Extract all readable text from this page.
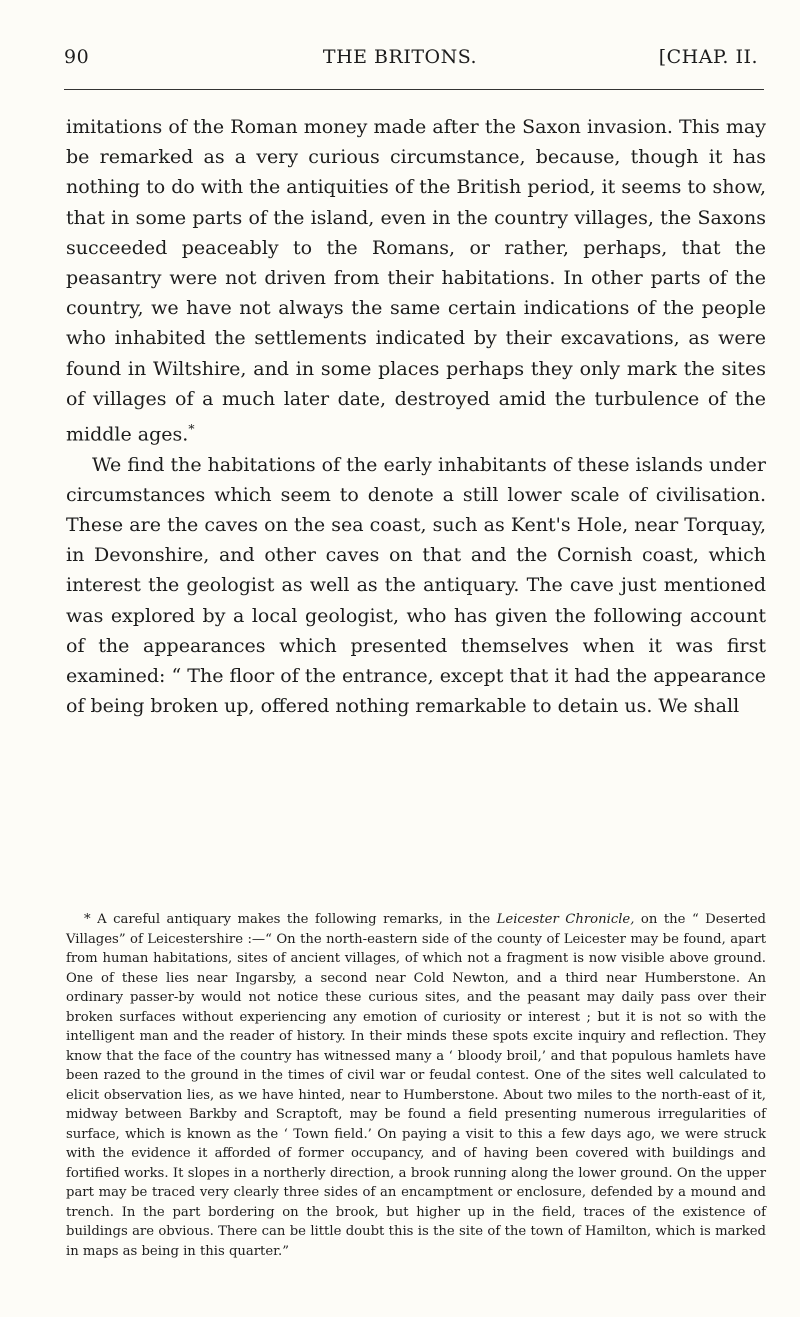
90	THE BRITONS.	[CHAP. II.

imitations of the Roman money made after the Saxon invasion. This may be remarked as a very curious circumstance, because, though it has nothing to do with the antiquities of the British period, it seems to show, that in some parts of the island, even in the country villages, the Saxons succeeded peaceably to the Romans, or rather, perhaps, that the peasantry were not driven from their habitations. In other parts of the country, we have not always the same certain indications of the people who inhabited the settlements indicated by their excavations, as were found in Wiltshire, and in some places perhaps they only mark the sites of villages of a much later date, destroyed amid the turbulence of the middle ages.*

We find the habitations of the early inhabitants of these islands under circumstances which seem to denote a still lower scale of civilisation. These are the caves on the sea coast, such as Kent's Hole, near Torquay, in Devonshire, and other caves on that and the Cornish coast, which interest the geologist as well as the antiquary. The cave just mentioned was explored by a local geologist, who has given the following account of the appearances which presented themselves when it was first examined: “ The floor of the entrance, except that it had the appearance of being broken up, offered nothing remarkable to detain us. We shall

* A careful antiquary makes the following remarks, in the Leicester Chronicle, on the “ Deserted Villages” of Leicestershire :—“ On the north-eastern side of the county of Leicester may be found, apart from human habitations, sites of ancient villages, of which not a fragment is now visible above ground. One of these lies near Ingarsby, a second near Cold Newton, and a third near Humberstone. An ordinary passer-by would not notice these curious sites, and the peasant may daily pass over their broken surfaces without experiencing any emotion of curiosity or interest ; but it is not so with the intelligent man and the reader of history. In their minds these spots excite inquiry and reflection. They know that the face of the country has witnessed many a ‘ bloody broil,’ and that populous hamlets have been razed to the ground in the times of civil war or feudal contest. One of the sites well calculated to elicit observation lies, as we have hinted, near to Humberstone. About two miles to the north-east of it, midway between Barkby and Scraptoft, may be found a field presenting numerous irregularities of surface, which is known as the ‘ Town field.’ On paying a visit to this a few days ago, we were struck with the evidence it afforded of former occupancy, and of having been covered with buildings and fortified works. It slopes in a northerly direction, a brook running along the lower ground. On the upper part may be traced very clearly three sides of an encamptment or enclosure, defended by a mound and trench. In the part bordering on the brook, but higher up in the field, traces of the existence of buildings are obvious. There can be little doubt this is the site of the town of Hamilton, which is marked in maps as being in this quarter.”
